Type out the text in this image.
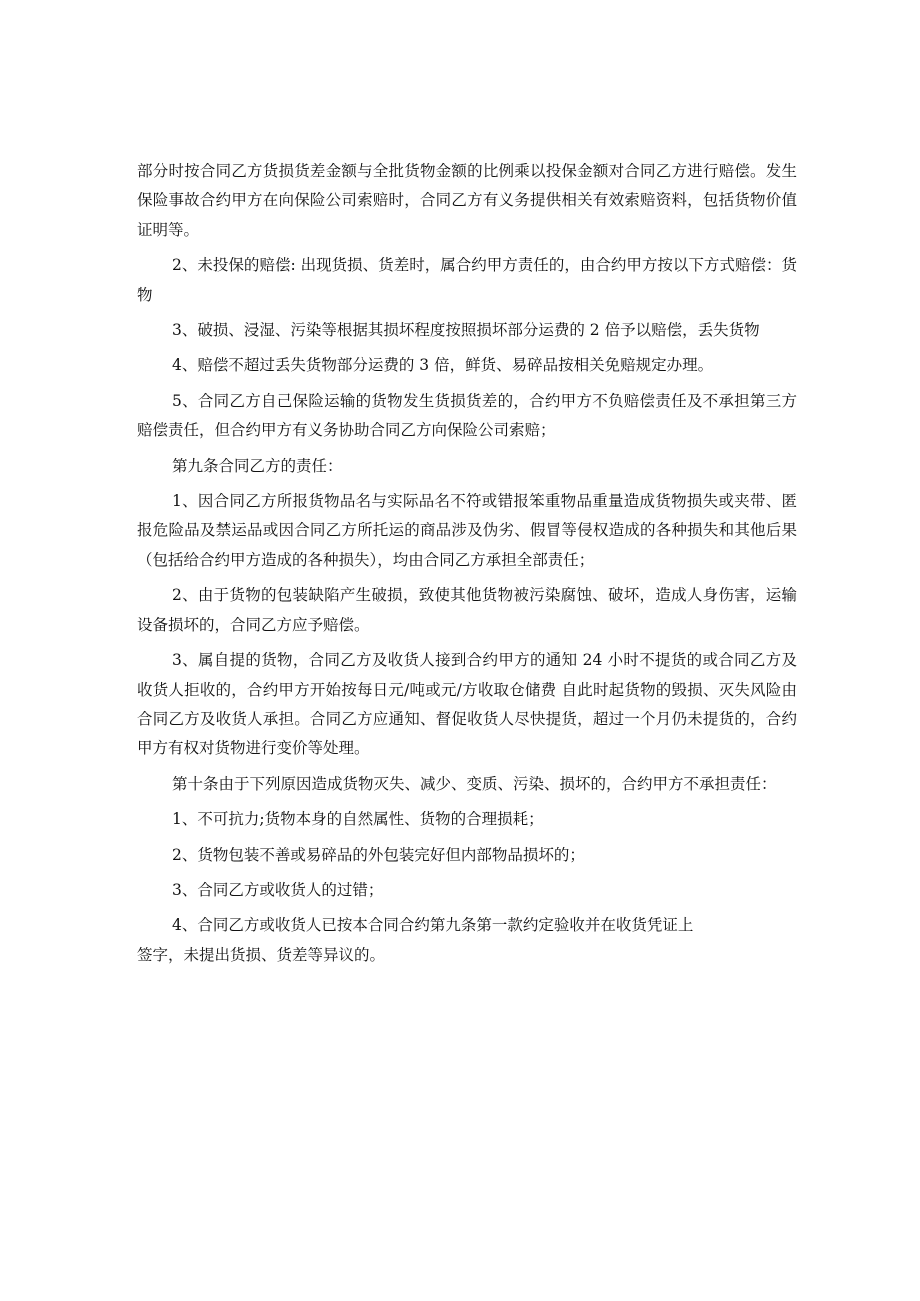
部分时按合同乙方货损货差金额与全批货物金额的比例乘以投保金额对合同乙方进行赔偿。发生保险事故合约甲方在向保险公司索赔时，合同乙方有义务提供相关有效索赔资料，包括货物价值证明等。

2、未投保的赔偿: 出现货损、货差时，属合约甲方责任的，由合约甲方按以下方式赔偿：货物

3、破损、浸湿、污染等根据其损坏程度按照损坏部分运费的 2 倍予以赔偿，丢失货物

4、赔偿不超过丢失货物部分运费的 3 倍，鲜货、易碎品按相关免赔规定办理。

5、合同乙方自己保险运输的货物发生货损货差的，合约甲方不负赔偿责任及不承担第三方赔偿责任，但合约甲方有义务协助合同乙方向保险公司索赔；

第九条合同乙方的责任：

1、因合同乙方所报货物品名与实际品名不符或错报笨重物品重量造成货物损失或夹带、匿报危险品及禁运品或因合同乙方所托运的商品涉及伪劣、假冒等侵权造成的各种损失和其他后果（包括给合约甲方造成的各种损失），均由合同乙方承担全部责任；

2、由于货物的包装缺陷产生破损，致使其他货物被污染腐蚀、破坏，造成人身伤害，运输设备损坏的，合同乙方应予赔偿。

3、属自提的货物，合同乙方及收货人接到合约甲方的通知 24 小时不提货的或合同乙方及收货人拒收的，合约甲方开始按每日元/吨或元/方收取仓储费 自此时起货物的毁损、灭失风险由合同乙方及收货人承担。合同乙方应通知、督促收货人尽快提货，超过一个月仍未提货的，合约甲方有权对货物进行变价等处理。

第十条由于下列原因造成货物灭失、减少、变质、污染、损坏的，合约甲方不承担责任：

1、不可抗力;货物本身的自然属性、货物的合理损耗；

2、货物包装不善或易碎品的外包装完好但内部物品损坏的；

3、合同乙方或收货人的过错；

4、合同乙方或收货人已按本合同合约第九条第一款约定验收并在收货凭证上

签字，未提出货损、货差等异议的。
